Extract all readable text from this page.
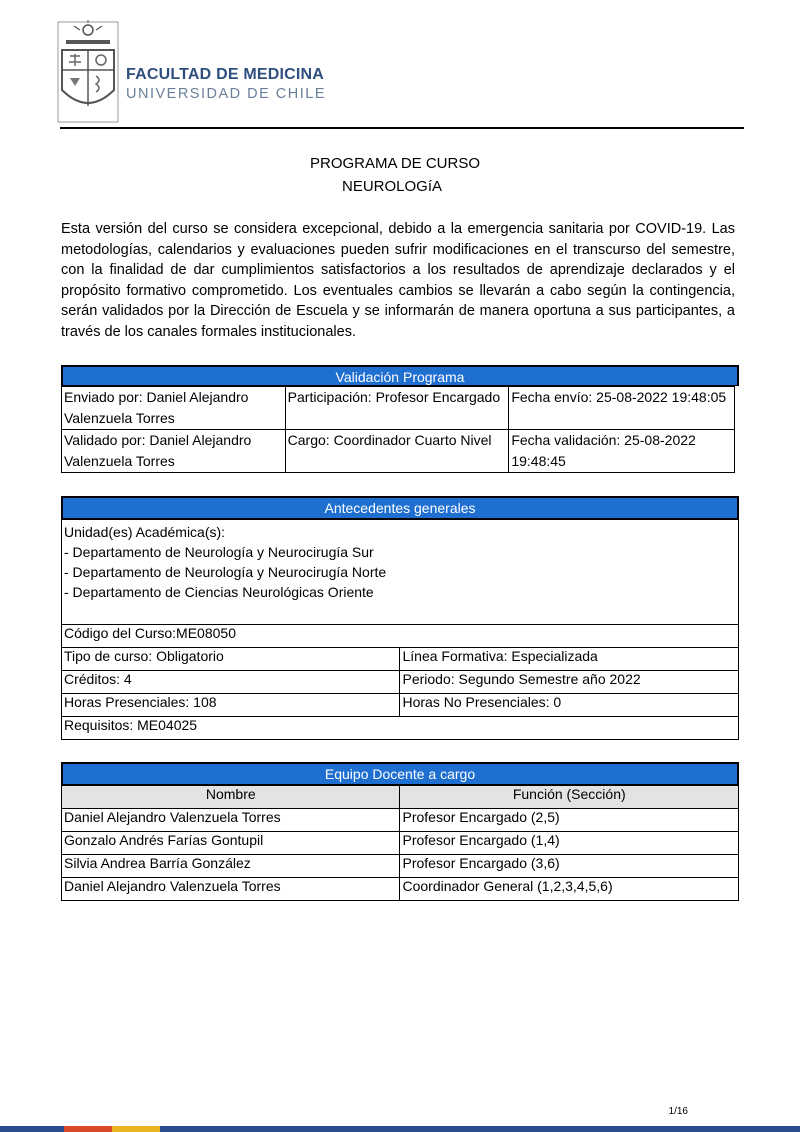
FACULTAD DE MEDICINA
UNIVERSIDAD DE CHILE
PROGRAMA DE CURSO
NEUROLOGíA
Esta versión del curso se considera excepcional, debido a la emergencia sanitaria por COVID-19. Las metodologías, calendarios y evaluaciones pueden sufrir modificaciones en el transcurso del semestre, con la finalidad de dar cumplimientos satisfactorios a los resultados de aprendizaje declarados y el propósito formativo comprometido. Los eventuales cambios se llevarán a cabo según la contingencia, serán validados por la Dirección de Escuela y se informarán de manera oportuna a sus participantes, a través de los canales formales institucionales.
Validación Programa
Enviado por: Daniel Alejandro Valenzuela Torres	Participación: Profesor Encargado	Fecha envío: 25-08-2022 19:48:05
Validado por: Daniel Alejandro Valenzuela Torres	Cargo: Coordinador Cuarto Nivel	Fecha validación: 25-08-2022 19:48:45
Antecedentes generales
Unidad(es) Académica(s):
- Departamento de Neurología y Neurocirugía Sur
- Departamento de Neurología y Neurocirugía Norte
- Departamento de Ciencias Neurológicas Oriente	

Código del Curso:ME08050	
Tipo de curso: Obligatorio	Línea Formativa: Especializada
Créditos: 4	Periodo: Segundo Semestre año 2022
Horas Presenciales: 108	Horas No Presenciales: 0
Requisitos: ME04025	
Equipo Docente a cargo
Nombre	Función (Sección)
Daniel Alejandro Valenzuela Torres	Profesor Encargado (2,5)
Gonzalo Andrés Farías Gontupil	Profesor Encargado (1,4)
Silvia Andrea Barría González	Profesor Encargado (3,6)
Daniel Alejandro Valenzuela Torres	Coordinador General (1,2,3,4,5,6)
1/16
